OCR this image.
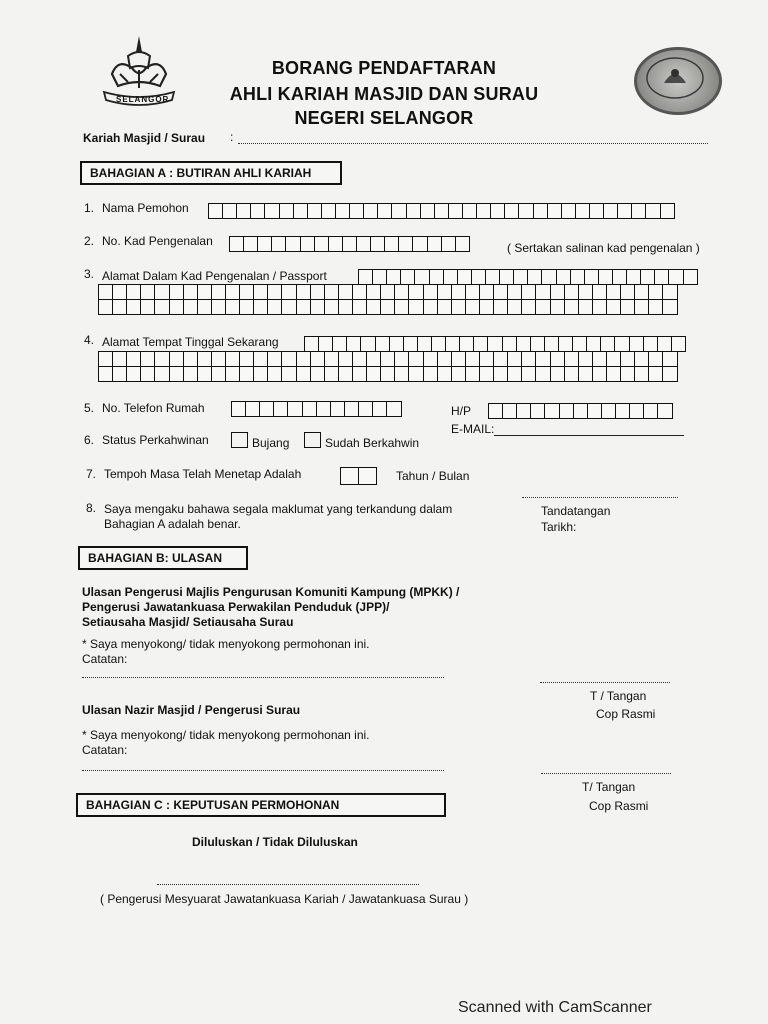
SELANGOR
BORANG PENDAFTARAN
AHLI KARIAH MASJID DAN SURAU
NEGERI SELANGOR
Kariah Masjid / Surau :
BAHAGIAN A : BUTIRAN AHLI KARIAH
1. Nama Pemohon
2. No. Kad Pengenalan	( Sertakan salinan kad pengenalan )
3. Alamat Dalam Kad Pengenalan / Passport
4. Alamat Tempat Tinggal Sekarang
5. No. Telefon Rumah	H/P
E-MAIL:
6. Status Perkahwinan	Bujang	Sudah Berkahwin
7. Tempoh Masa Telah Menetap Adalah	Tahun / Bulan
8. Saya mengaku bahawa segala maklumat yang terkandung dalam
Bahagian A adalah benar.
Tandatangan
Tarikh:
BAHAGIAN B: ULASAN
Ulasan Pengerusi Majlis Pengurusan Komuniti Kampung (MPKK) /
Pengerusi Jawatankuasa Perwakilan Penduduk (JPP)/
Setiausaha Masjid/ Setiausaha Surau
* Saya menyokong/ tidak menyokong permohonan ini.
Catatan:
T / Tangan
Cop Rasmi
Ulasan Nazir Masjid / Pengerusi Surau
* Saya menyokong/ tidak menyokong permohonan ini.
Catatan:
T/ Tangan
Cop Rasmi
BAHAGIAN C : KEPUTUSAN PERMOHONAN
Diluluskan / Tidak Diluluskan
( Pengerusi Mesyuarat Jawatankuasa Kariah / Jawatankuasa Surau )
Scanned with CamScanner
